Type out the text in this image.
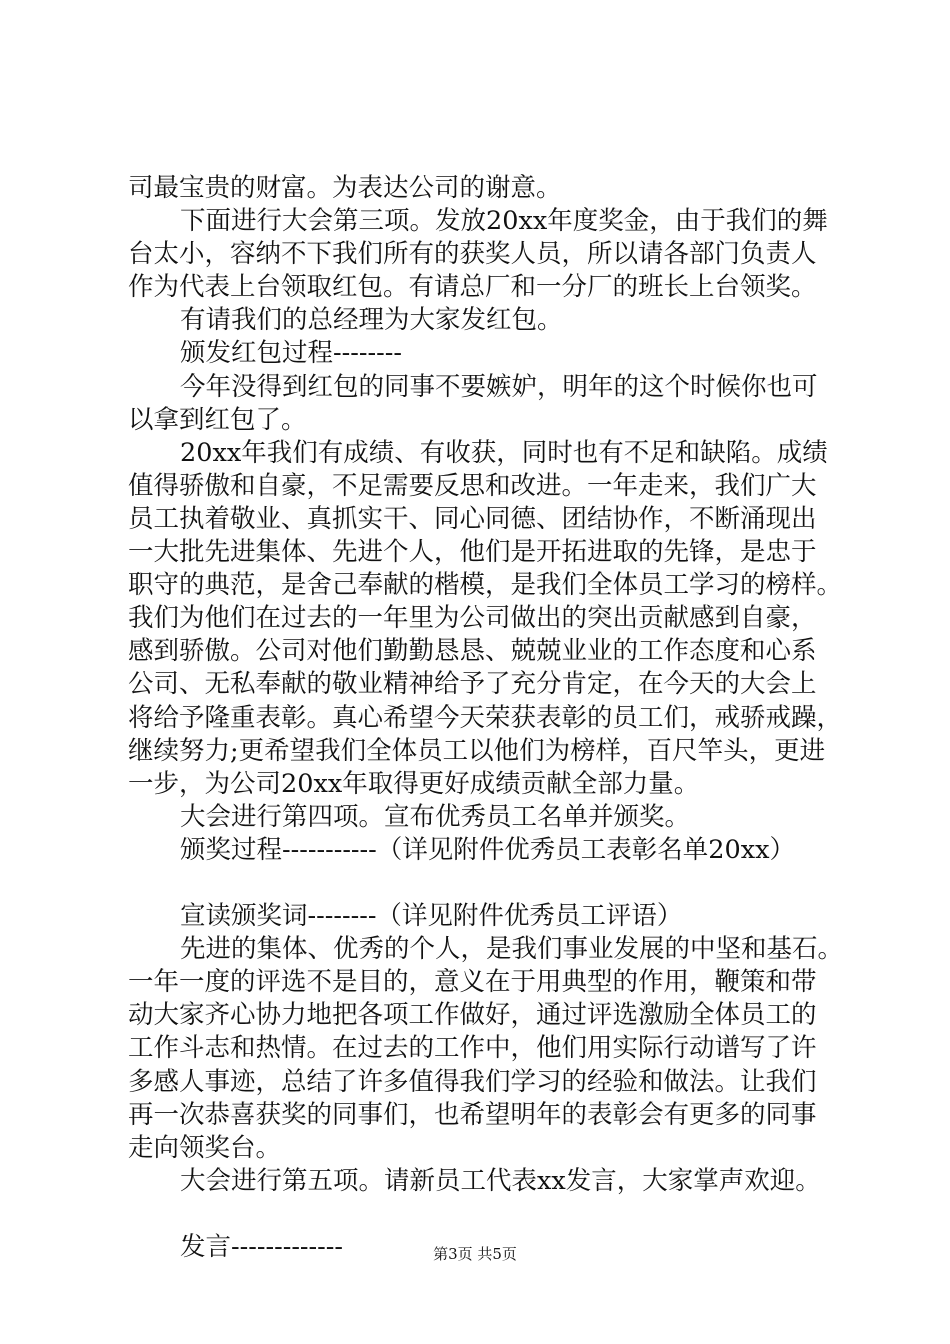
司最宝贵的财富。为表达公司的谢意。
下面进行大会第三项。发放20xx年度奖金，由于我们的舞
台太小，容纳不下我们所有的获奖人员，所以请各部门负责人
作为代表上台领取红包。有请总厂和一分厂的班长上台领奖。
有请我们的总经理为大家发红包。
颁发红包过程--------
今年没得到红包的同事不要嫉妒，明年的这个时候你也可
以拿到红包了。
20xx年我们有成绩、有收获，同时也有不足和缺陷。成绩
值得骄傲和自豪，不足需要反思和改进。一年走来，我们广大
员工执着敬业、真抓实干、同心同德、团结协作，不断涌现出
一大批先进集体、先进个人，他们是开拓进取的先锋，是忠于
职守的典范，是舍己奉献的楷模，是我们全体员工学习的榜样。
我们为他们在过去的一年里为公司做出的突出贡献感到自豪，
感到骄傲。公司对他们勤勤恳恳、兢兢业业的工作态度和心系
公司、无私奉献的敬业精神给予了充分肯定，在今天的大会上
将给予隆重表彰。真心希望今天荣获表彰的员工们，戒骄戒躁，
继续努力;更希望我们全体员工以他们为榜样，百尺竿头，更进
一步，为公司20xx年取得更好成绩贡献全部力量。
大会进行第四项。宣布优秀员工名单并颁奖。
颁奖过程-----------（详见附件优秀员工表彰名单20xx）
宣读颁奖词--------（详见附件优秀员工评语）
先进的集体、优秀的个人，是我们事业发展的中坚和基石。
一年一度的评选不是目的，意义在于用典型的作用，鞭策和带
动大家齐心协力地把各项工作做好，通过评选激励全体员工的
工作斗志和热情。在过去的工作中，他们用实际行动谱写了许
多感人事迹，总结了许多值得我们学习的经验和做法。让我们
再一次恭喜获奖的同事们，也希望明年的表彰会有更多的同事
走向领奖台。
大会进行第五项。请新员工代表xx发言，大家掌声欢迎。
发言-------------	第3页 共5页
